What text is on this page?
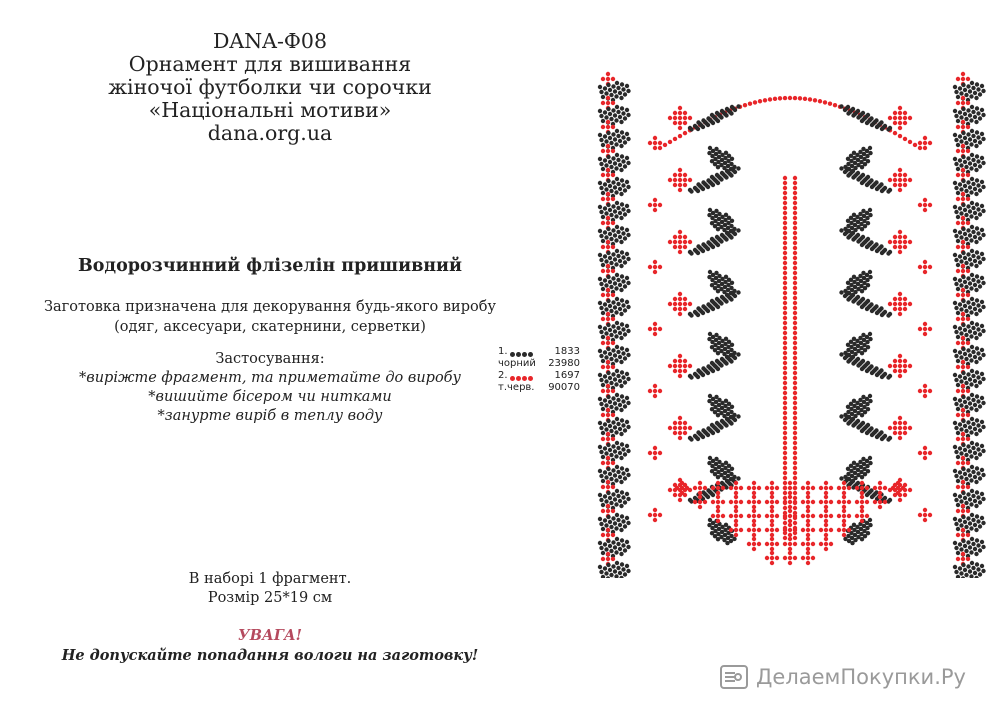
DANA-Ф08
Орнамент для вишивання
жіночої футболки чи сорочки
«Національні мотиви»
dana.org.ua
Водорозчинний флізелін пришивний
Заготовка призначена для декорування будь-якого виробу
(одяг, аксесуари, скатернини, серветки)
Застосування:
*виріжте фрагмент, та приметайте до виробу
*вишийте бісером чи нитками
*занурте виріб в теплу воду
В наборі 1 фрагмент.
Розмір 25*19 см
УВАГА!
Не допускайте попадання вологи на заготовку!
1.	1833
чорний 23980
2.	1697
т.черв. 90070
ДелаемПокупки.Ру
